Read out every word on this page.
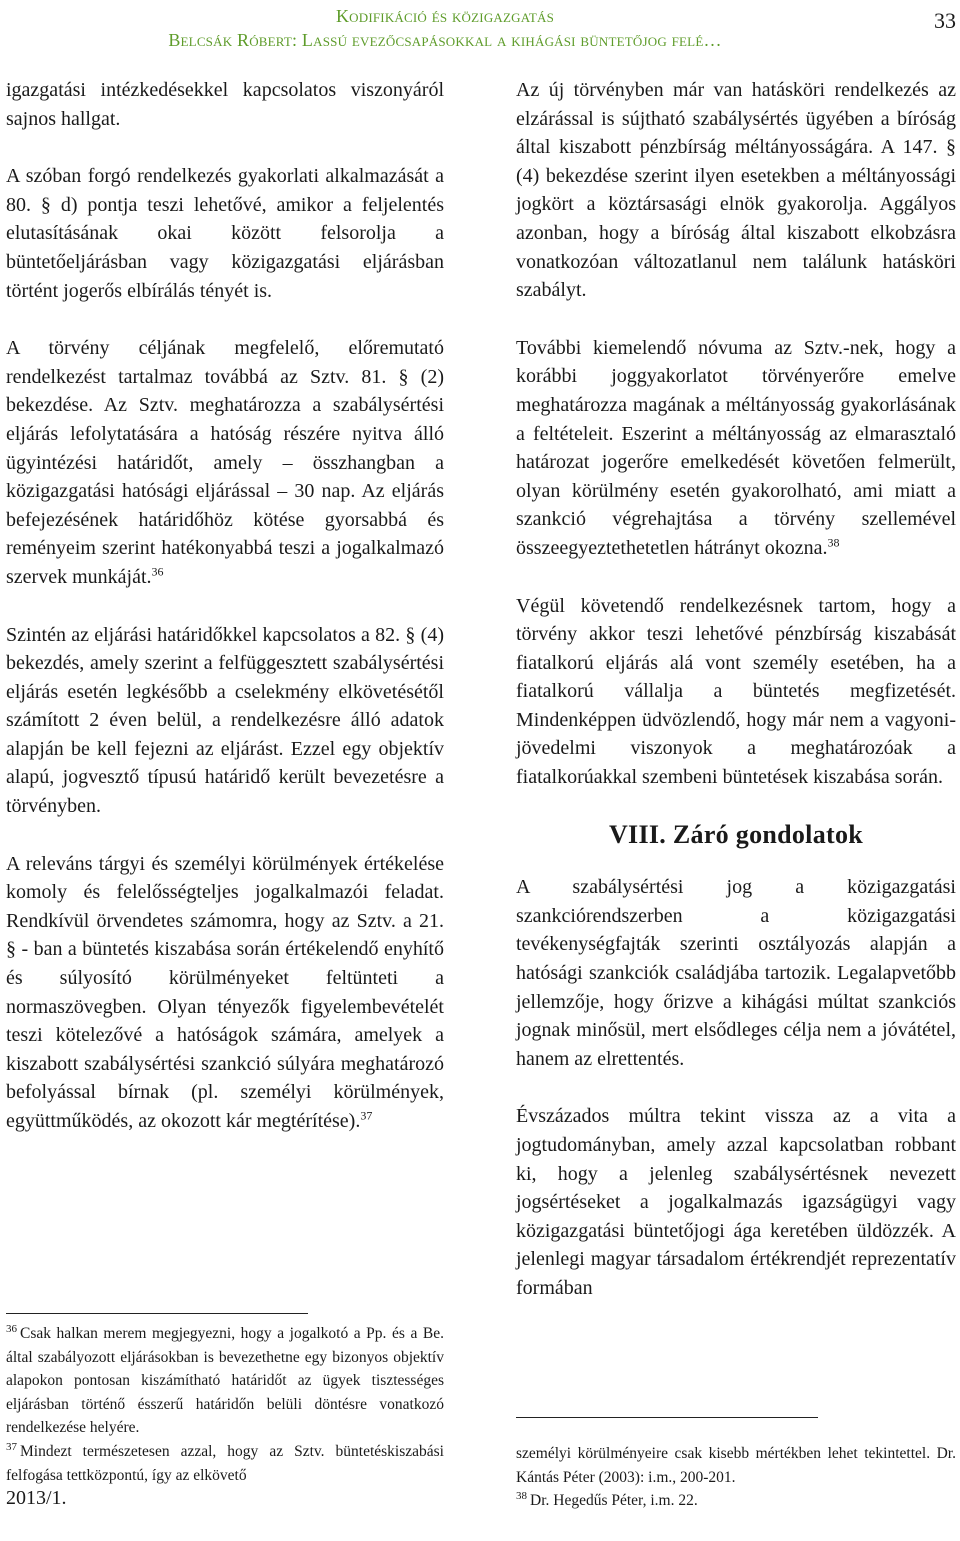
Kodifikáció és közigazgatás
Belcsák Róbert: Lassú evezőcsapásokkal a kihágási büntetőjog felé…
33

igazgatási intézkedésekkel kapcsolatos viszonyáról sajnos hallgat.

A szóban forgó rendelkezés gyakorlati alkalmazását a 80. § d) pontja teszi lehetővé, amikor a feljelentés elutasításának okai között felsorolja a büntetőeljárásban vagy közigazgatási eljárásban történt jogerős elbírálás tényét is.

A törvény céljának megfelelő, előremutató rendelkezést tartalmaz továbbá az Sztv. 81. § (2) bekezdése. Az Sztv. meghatározza a szabálysértési eljárás lefolytatására a hatóság részére nyitva álló ügyintézési határidőt, amely – összhangban a közigazgatási hatósági eljárással – 30 nap. Az eljárás befejezésének határidőhöz kötése gyorsabbá és reményeim szerint hatékonyabbá teszi a jogalkalmazó szervek munkáját.$^{36}$

Szintén az eljárási határidőkkel kapcsolatos a 82. § (4) bekezdés, amely szerint a felfüggesztett szabálysértési eljárás esetén legkésőbb a cselekmény elkövetésétől számított 2 éven belül, a rendelkezésre álló adatok alapján be kell fejezni az eljárást. Ezzel egy objektív alapú, jogvesztő típusú határidő került bevezetésre a törvényben.

A releváns tárgyi és személyi körülmények értékelése komoly és felelősségteljes jogalkalmazói feladat. Rendkívül örvendetes számomra, hogy az Sztv. a 21. § - ban a büntetés kiszabása során értékelendő enyhítő és súlyosító körülményeket feltünteti a normaszövegben. Olyan tényezők figyelembevételét teszi kötelezővé a hatóságok számára, amelyek a kiszabott szabálysértési szankció súlyára meghatározó befolyással bírnak (pl. személyi körülmények, együttműködés, az okozott kár megtérítése).$^{37}$

Az új törvényben már van hatásköri rendelkezés az elzárással is sújtható szabálysértés ügyében a bíróság által kiszabott pénzbírság méltányosságára. A 147. § (4) bekezdése szerint ilyen esetekben a méltányossági jogkört a köztársasági elnök gyakorolja. Aggályos azonban, hogy a bíróság által kiszabott elkobzásra vonatkozóan változatlanul nem találunk hatásköri szabályt.

További kiemelendő nóvuma az Sztv.-nek, hogy a korábbi joggyakorlatot törvényerőre emelve meghatározza magának a méltányosság gyakorlásának a feltételeit. Eszerint a méltányosság az elmarasztaló határozat jogerőre emelkedését követően felmerült, olyan körülmény esetén gyakorolható, ami miatt a szankció végrehajtása a törvény szellemével összeegyeztethetetlen hátrányt okozna.$^{38}$

Végül követendő rendelkezésnek tartom, hogy a törvény akkor teszi lehetővé pénzbírság kiszabását fiatalkorú eljárás alá vont személy esetében, ha a fiatalkorú vállalja a büntetés megfizetését. Mindenképpen üdvözlendő, hogy már nem a vagyoni-jövedelmi viszonyok a meghatározóak a fiatalkorúakkal szembeni büntetések kiszabása során.

VIII. Záró gondolatok

A szabálysértési jog a közigazgatási szankciórendszerben a közigazgatási tevékenységfajták szerinti osztályozás alapján a hatósági szankciók családjába tartozik. Legalapvetőbb jellemzője, hogy őrizve a kihágási múltat szankciós jognak minősül, mert elsődleges célja nem a jóvátétel, hanem az elrettentés.

Évszázados múltra tekint vissza az a vita a jogtudományban, amely azzal kapcsolatban robbant ki, hogy a jelenleg szabálysértésnek nevezett jogsértéseket a jogalkalmazás igazságügyi vagy közigazgatási büntetőjogi ága keretében üldözzék. A jelenlegi magyar társadalom értékrendjét reprezentatív formában

$^{36}$ Csak halkan merem megjegyezni, hogy a jogalkotó a Pp. és a Be. által szabályozott eljárásokban is bevezethetne egy bizonyos objektív alapokon pontosan kiszámítható határidőt az ügyek tisztességes eljárásban történő ésszerű határidőn belüli döntésre vonatkozó rendelkezése helyére.

$^{37}$ Mindezt természetesen azzal, hogy az Sztv. büntetéskiszabási felfogása tettközpontú, így az elkövető

2013/1.

személyi körülményeire csak kisebb mértékben lehet tekintettel. Dr. Kántás Péter (2003): i.m., 200-201.

$^{38}$ Dr. Hegedűs Péter, i.m. 22.
